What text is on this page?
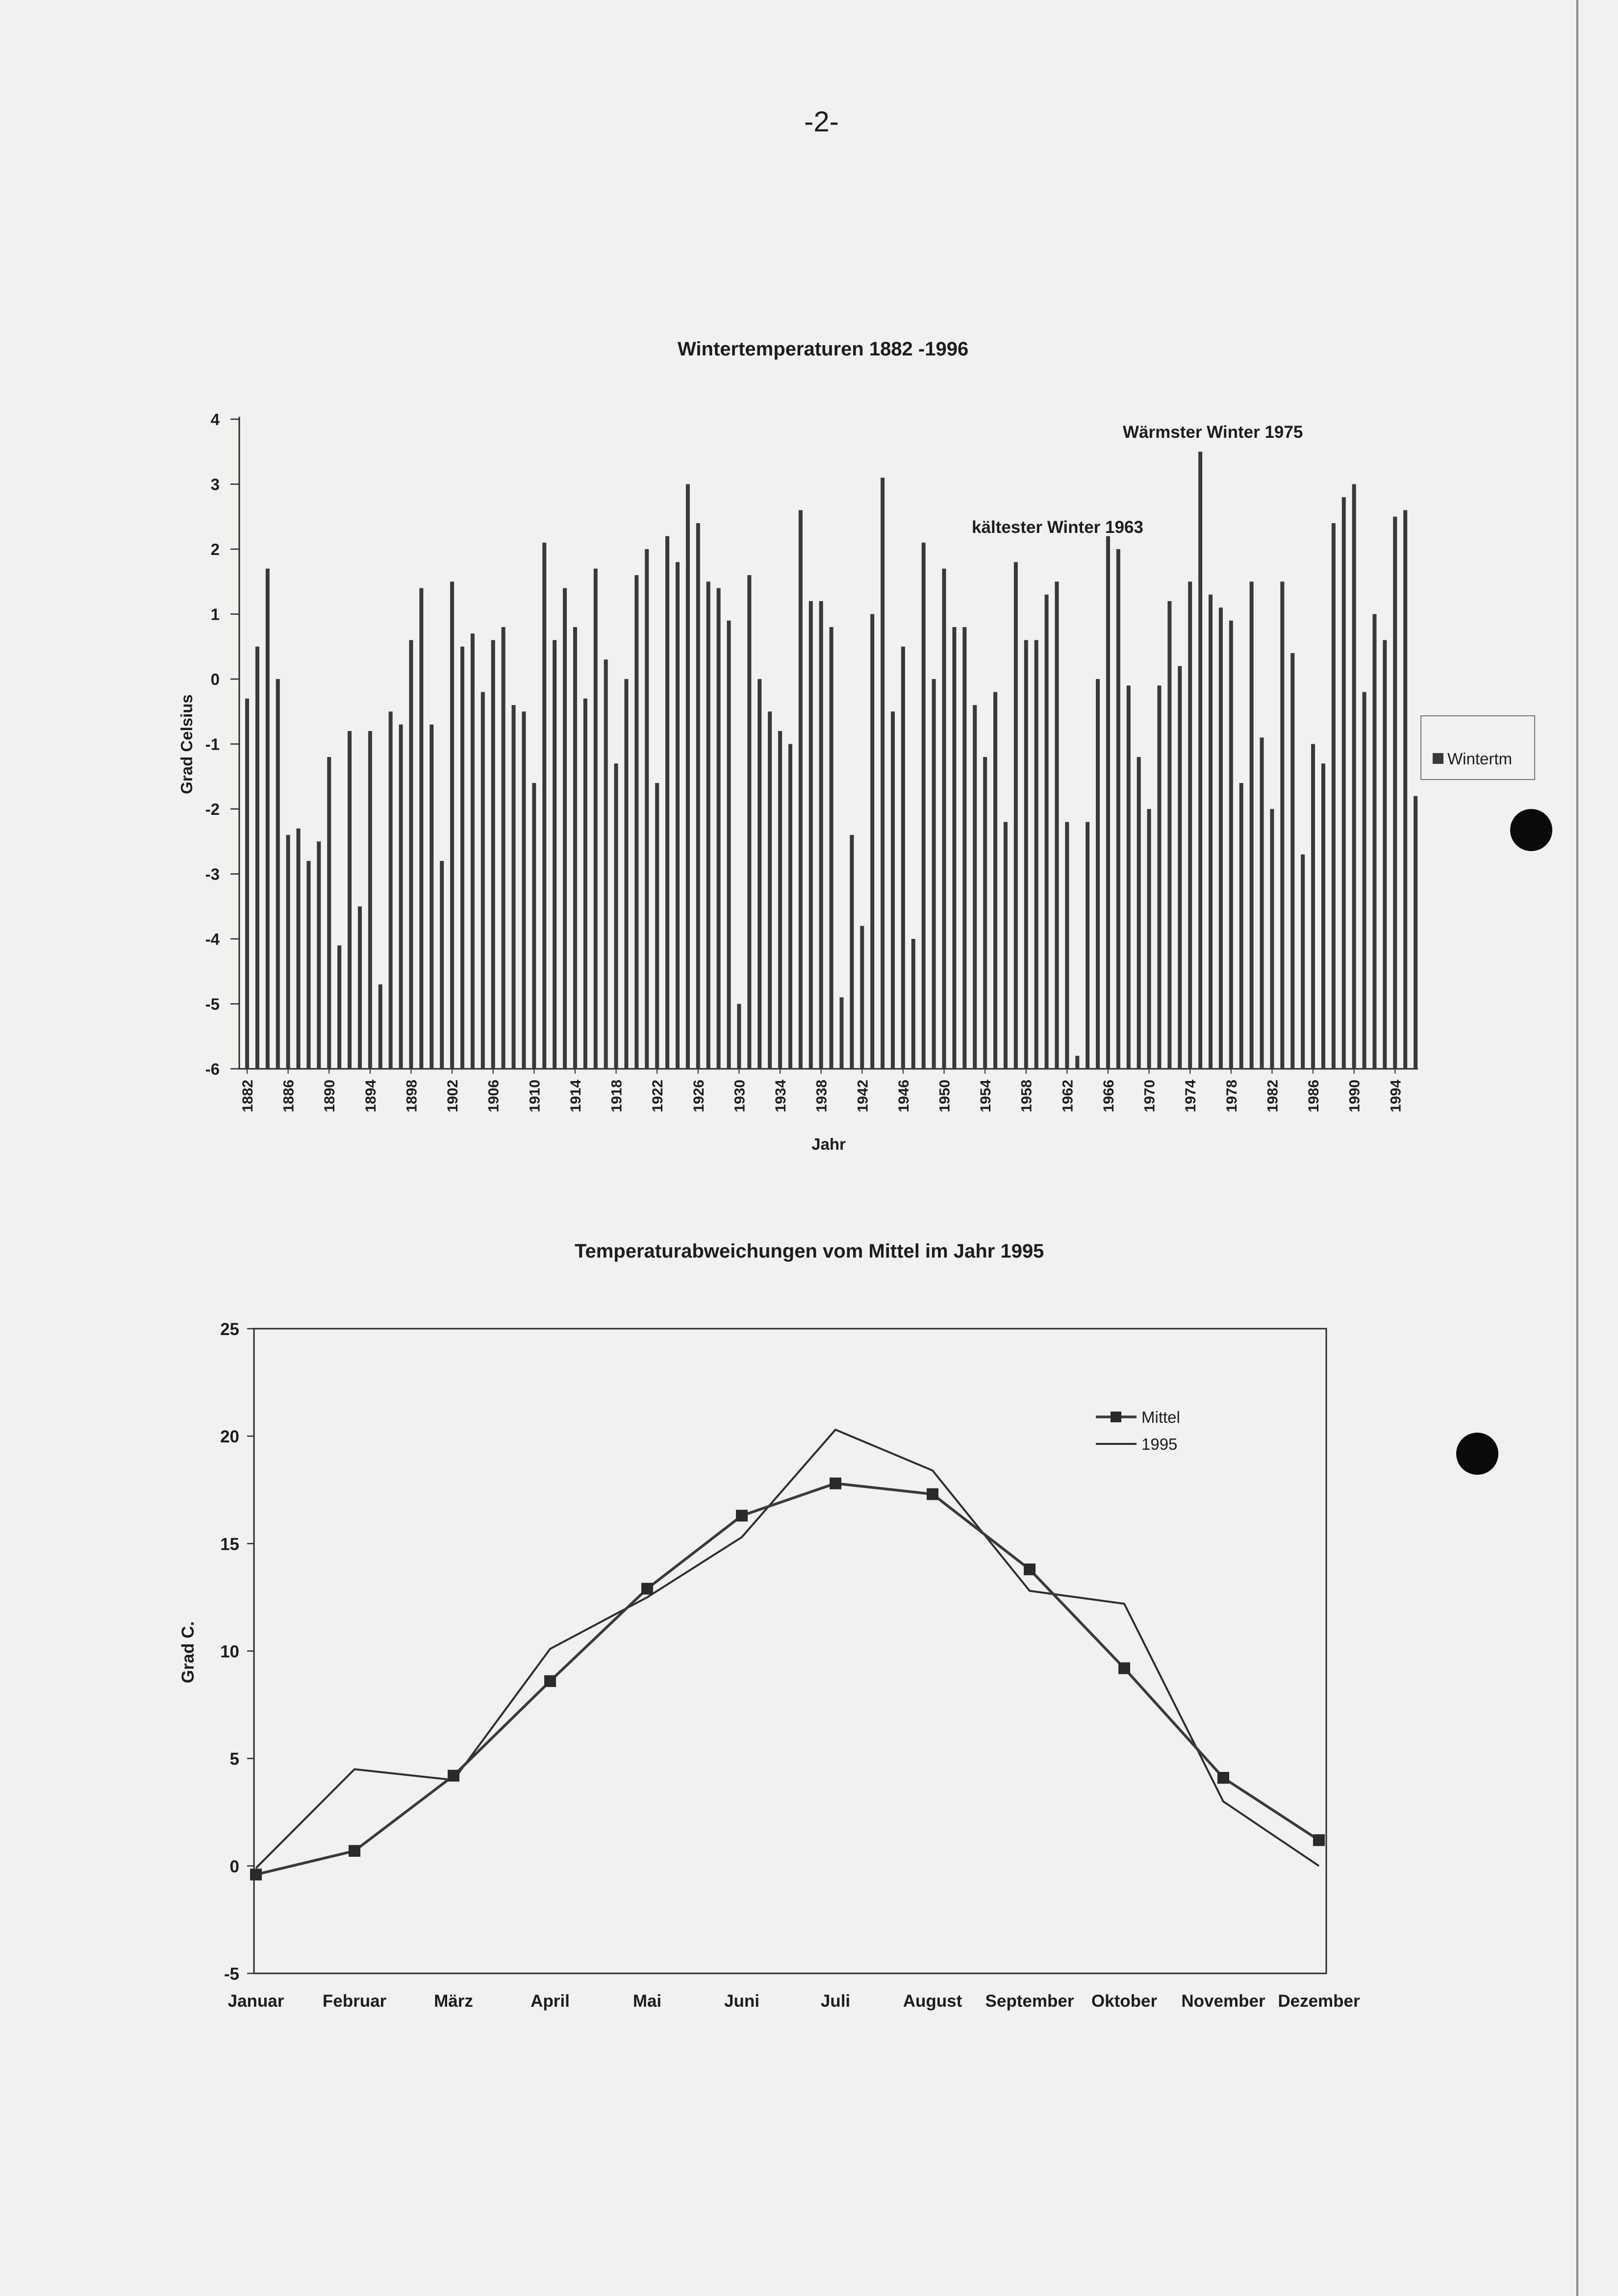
-2-
Wintertemperaturen 1882 -1996
4
3
2
1
0
-1
-2
-3
-4
-5
-6
1882 1886 1890 1894 1898 1902 1906 1910 1914 1918 1922 1926 1930 1934 1938 1942 1946 1950 1954 1958 1962 1966 1970 1974 1978 1982 1986 1990 1994
Jahr
Grad Celsius
Wärmster Winter 1975
kältester Winter 1963
Wintertm
Temperaturabweichungen vom Mittel im Jahr 1995
25
20
15
10
5
0
-5
Januar Februar	März	April	Mai	Juni	Juli	August September Oktober November Dezember
Grad C.
Mittel
1995
